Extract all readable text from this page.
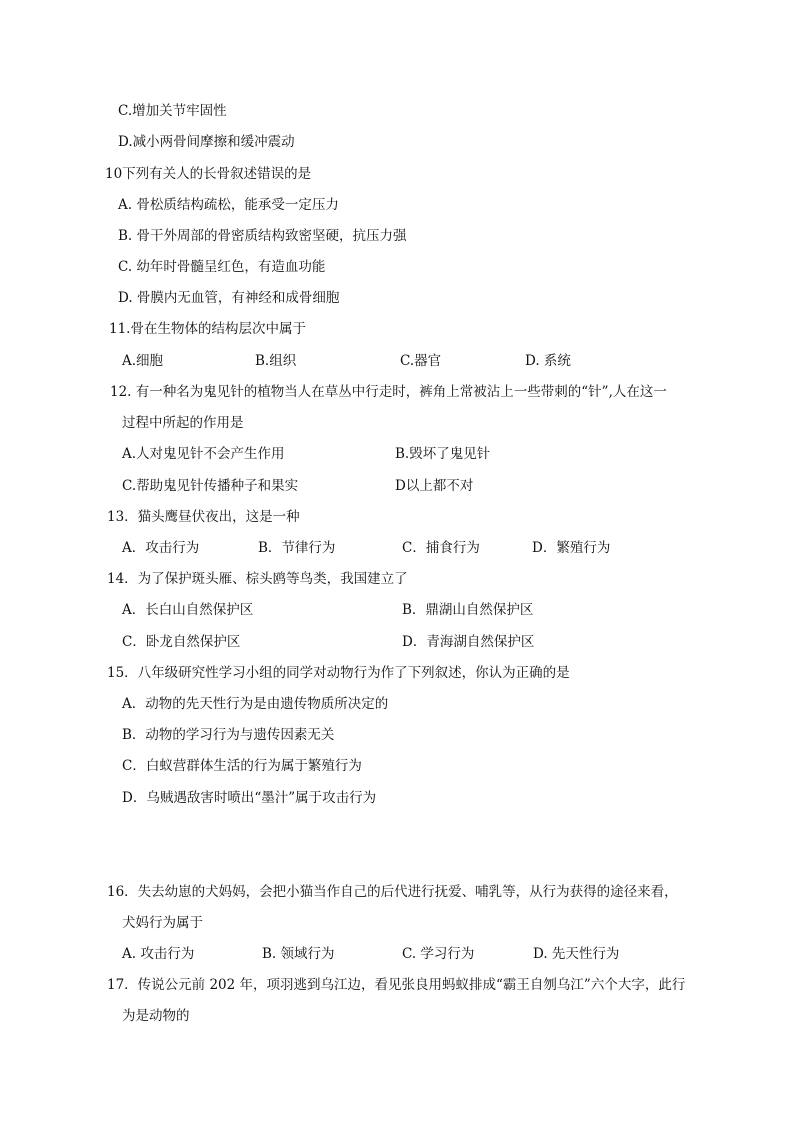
C.增加关节牢固性
D.减小两骨间摩擦和缓冲震动
10下列有关人的长骨叙述错误的是
A. 骨松质结构疏松，能承受一定压力
B. 骨干外周部的骨密质结构致密坚硬，抗压力强
C. 幼年时骨髓呈红色，有造血功能
D. 骨膜内无血管，有神经和成骨细胞
11.骨在生物体的结构层次中属于
A.细胞	B.组织	C.器官	D. 系统
12. 有一种名为鬼见针的植物当人在草丛中行走时，裤角上常被沾上一些带刺的“针”,人在这一
过程中所起的作用是
A.人对鬼见针不会产生作用	B.毁坏了鬼见针
C.帮助鬼见针传播种子和果实	D以上都不对
13．猫头鹰昼伏夜出，这是一种
A．攻击行为	B．节律行为	C．捕食行为	D．繁殖行为
14．为了保护斑头雁、棕头鸥等鸟类，我国建立了
A．长白山自然保护区	B．鼎湖山自然保护区
C．卧龙自然保护区	D．青海湖自然保护区
15．八年级研究性学习小组的同学对动物行为作了下列叙述，你认为正确的是
A．动物的先天性行为是由遗传物质所决定的
B．动物的学习行为与遗传因素无关
C．白蚁营群体生活的行为属于繁殖行为
D．乌贼遇敌害时喷出“墨汁”属于攻击行为
16．失去幼崽的犬妈妈，会把小猫当作自己的后代进行抚爱、哺乳等，从行为获得的途径来看，
犬妈行为属于
A. 攻击行为	B. 领域行为	C. 学习行为	D. 先天性行为
17．传说公元前 202 年，项羽逃到乌江边，看见张良用蚂蚁排成“霸王自刎乌江”六个大字，此行
为是动物的
